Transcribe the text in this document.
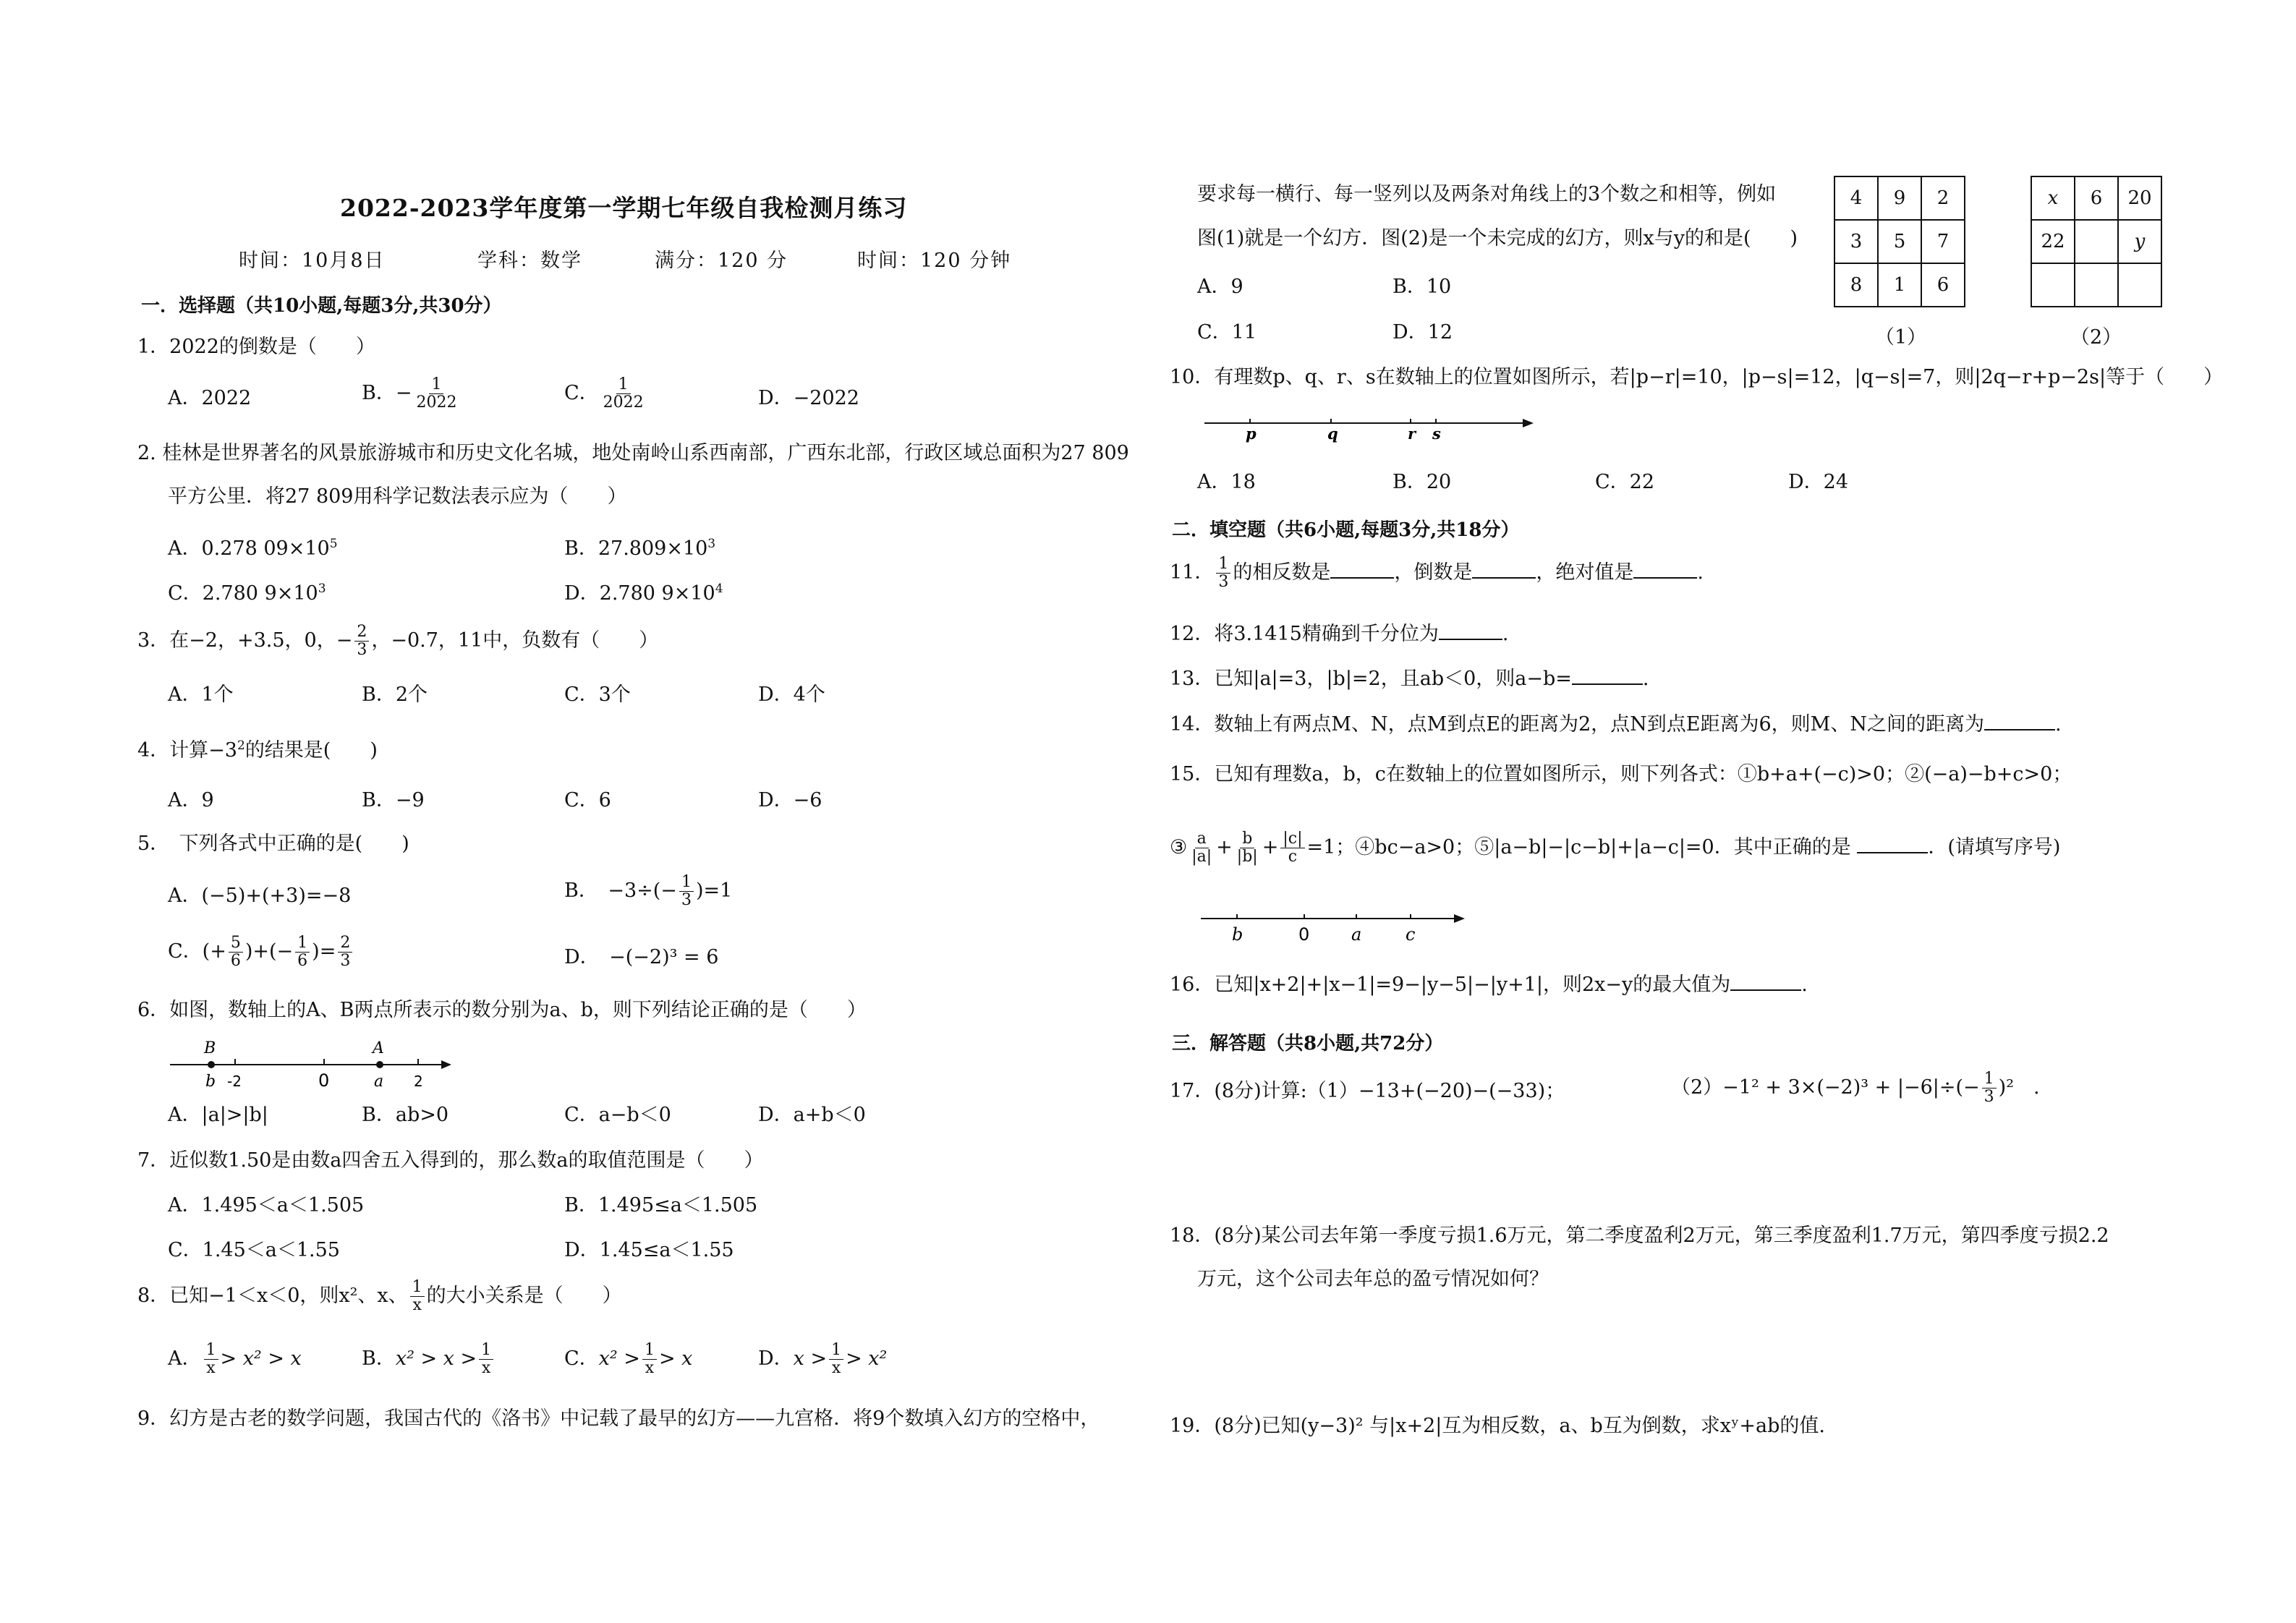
2022-2023学年度第一学期七年级自我检测月练习
时间：10月8日	学科：数学	满分：120 分	时间：120 分钟
一．选择题（共10小题,每题3分,共30分）
1．2022的倒数是（　　）
A．2022	B．− $\frac{1}{2022}$	C． $\frac{1}{2022}$	D．−2022
2. 桂林是世界著名的风景旅游城市和历史文化名城，地处南岭山系西南部，广西东北部，行政区域总面积为27 809
平方公里．将27 809用科学记数法表示应为（　　）
A．0.278 $09\times 10^5$	B．$27.809\times 10^3$
C．2.780 $9\times 10^3$	D．2.780 $9\times 10^4$
3．在−2，+3.5，0，− $\frac{2}{3}$ ，−0.7，11中，负数有（　　）
A．1个	B．2个	C．3个	D．4个
4．计算$-3^2$的结果是(　　)
A．9	B．−9	C．6	D．−6
5．　下列各式中正确的是(　　)
A．(−5)+(+3)=−8	B．　$-3\div(- \frac{1}{3} )=1$
C．(+ $\frac{5}{6}$ )+(− $\frac{1}{6}$ )= $\frac{2}{3}$	D．　−(−2)³ = 6
6．如图，数轴上的A、B两点所表示的数分别为a、b，则下列结论正确的是（　　）
B	A
b -2	0	a 2
A．|a|>|b|	B．ab>0	C．a−b＜0	D．a+b＜0
7．近似数1.50是由数a四舍五入得到的，那么数a的取值范围是（　　）
A．1.495＜a＜1.505	B．1.495≤a＜1.505
C．1.45＜a＜1.55	D．1.45≤a＜1.55
8．已知−1＜x＜0，则x²、x、 $\frac{1}{x}$ 的大小关系是（　　）
A． $\frac{1}{x} > x^2 > x$	B．$x^2 > x > \frac{1}{x}$	C．$x^2 > \frac{1}{x} > x$	D．$x > \frac{1}{x} > x^2$
9．幻方是古老的数学问题，我国古代的《洛书》中记载了最早的幻方——九宫格．将9个数填入幻方的空格中，
要求每一横行、每一竖列以及两条对角线上的3个数之和相等，例如
图(1)就是一个幻方．图(2)是一个未完成的幻方，则x与y的和是(　　)
A．9	B．10
C．11	D．12
4	9	2
3	5	7
8	1	6
（1）
x	6	20
22		y

（2）
10．有理数p、q、r、s在数轴上的位置如图所示，若|p−r|=10，|p−s|=12，|q−s|=7，则|2q−r+p−2s|等于（　　）
p	q	r s
A．18	B．20	C．22	D．24
二．填空题（共6小题,每题3分,共18分）
11． $\frac{1}{3}$ 的相反数是	，倒数是	，绝对值是	.
12．将3.1415精确到千分位为	.
13．已知|a|=3，|b|=2，且ab＜0，则a−b=	.
14．数轴上有两点M、N，点M到点E的距离为2，点N到点E距离为6，则M、N之间的距离为	.
15．已知有理数a，b，c在数轴上的位置如图所示，则下列各式：①b+a+(−c)>0；②(−a)−b+c>0；
③ $\frac{a}{|a|} + \frac{b}{|b|} + \frac{|c|}{c} =1$；④bc−a>0；⑤|a−b|−|c−b|+|a−c|=0．其中正确的是	．(请填写序号)
b	0 a	c
16．已知|x+2|+|x−1|=9−|y−5|−|y+1|，则2x−y的最大值为	.
三．解答题（共8小题,共72分）
17．(8分)计算:（1）−13+(−20)−(−33)；	$(2)-1^2 + 3\times(-2)^3 + |-6|\div(- \frac{1}{3} )^2$　.
18．(8分)某公司去年第一季度亏损1.6万元，第二季度盈利2万元，第三季度盈利1.7万元，第四季度亏损2.2
万元，这个公司去年总的盈亏情况如何？
19．(8分)已知(y−3)² 与|x+2|互为相反数，a、b互为倒数，求xʸ+ab的值.
